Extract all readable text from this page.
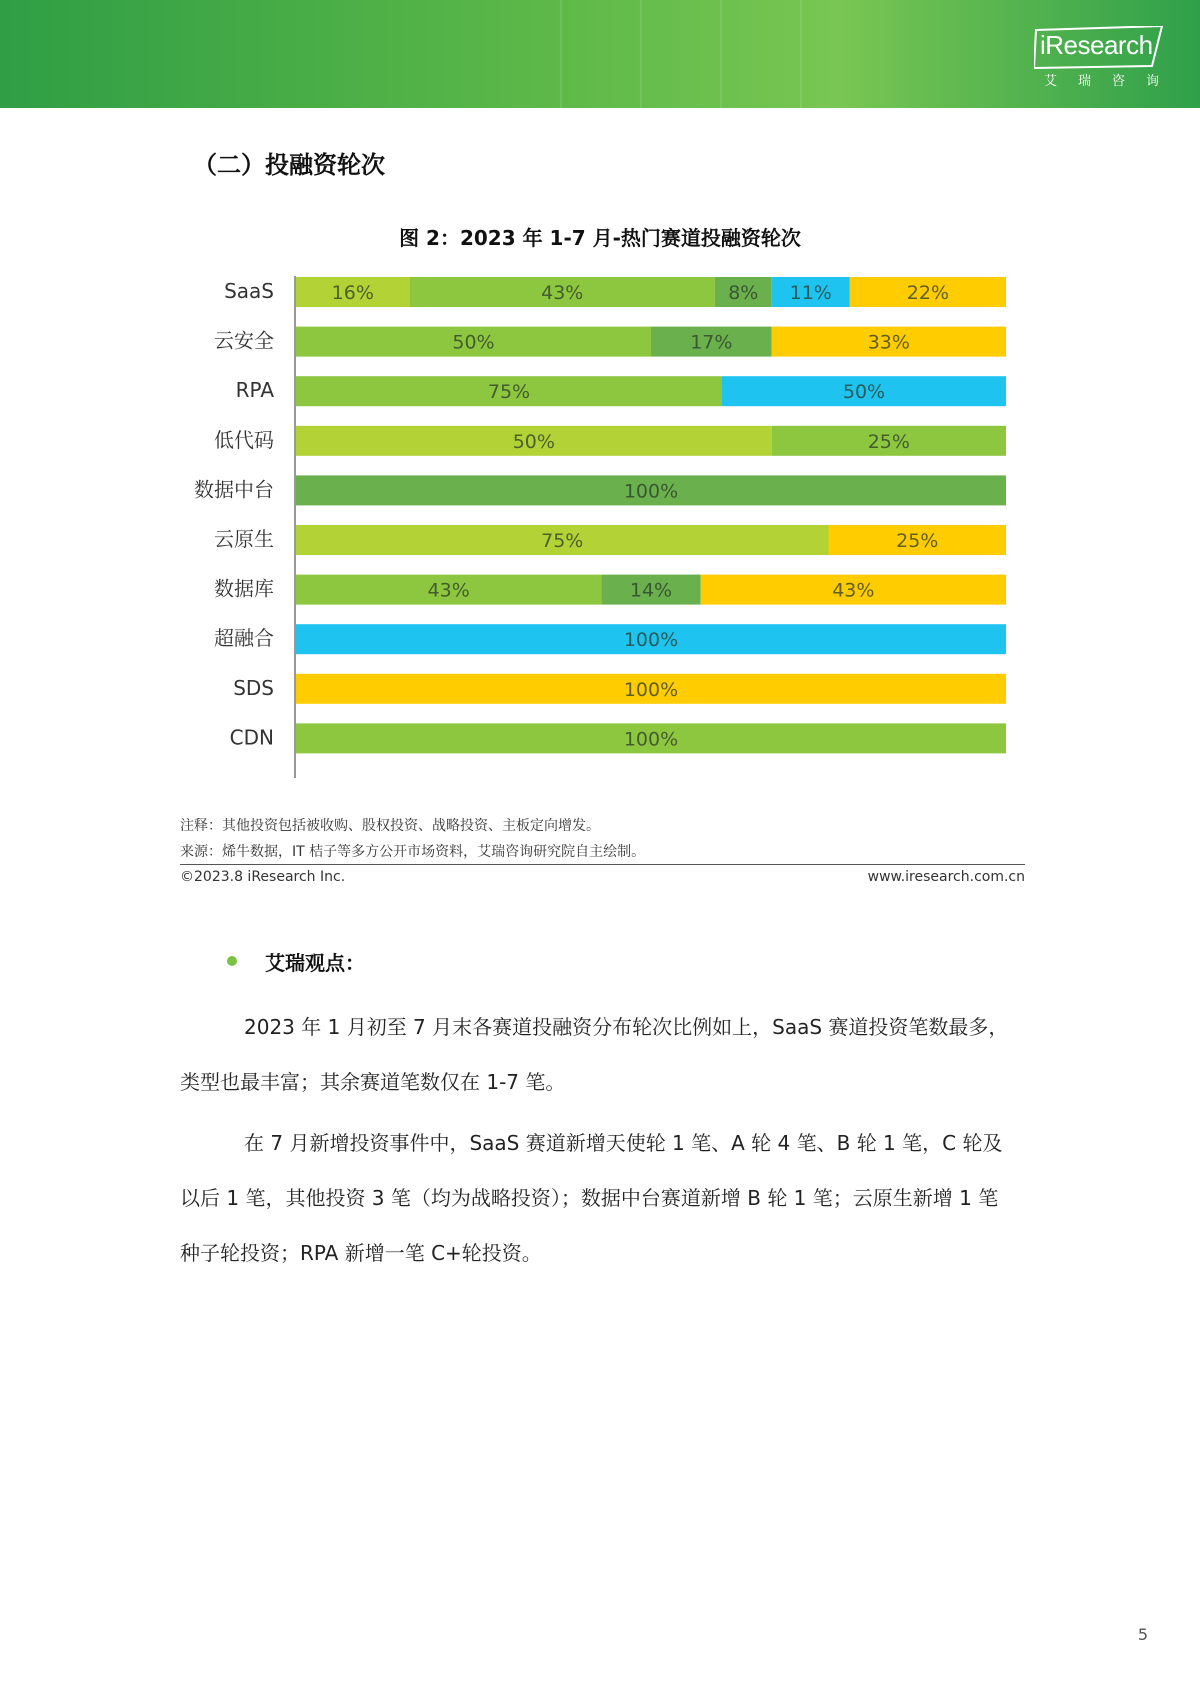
iResearch
艾瑞咨询
（二）投融资轮次
图 2：2023 年 1-7 月-热门赛道投融资轮次
SaaS
云安全
RPA
低代码
数据中台
云原生
数据库
超融合
SDS
CDN
16%	43%	8% 11%	22%
50%	17%	33%
75%	50%
50%	25%
100%
75%	25%
43%	14%	43%
100%
100%
100%
注释：其他投资包括被收购、股权投资、战略投资、主板定向增发。
来源：烯牛数据，IT 桔子等多方公开市场资料，艾瑞咨询研究院自主绘制。
©2023.8 iResearch Inc.	www.iresearch.com.cn
艾瑞观点：
2023 年 1 月初至 7 月末各赛道投融资分布轮次比例如上，SaaS 赛道投资笔数最多，
类型也最丰富；其余赛道笔数仅在 1-7 笔。
在 7 月新增投资事件中，SaaS 赛道新增天使轮 1 笔、A 轮 4 笔、B 轮 1 笔，C 轮及
以后 1 笔，其他投资 3 笔（均为战略投资）；数据中台赛道新增 B 轮 1 笔；云原生新增 1 笔
种子轮投资；RPA 新增一笔 C+轮投资。
5
